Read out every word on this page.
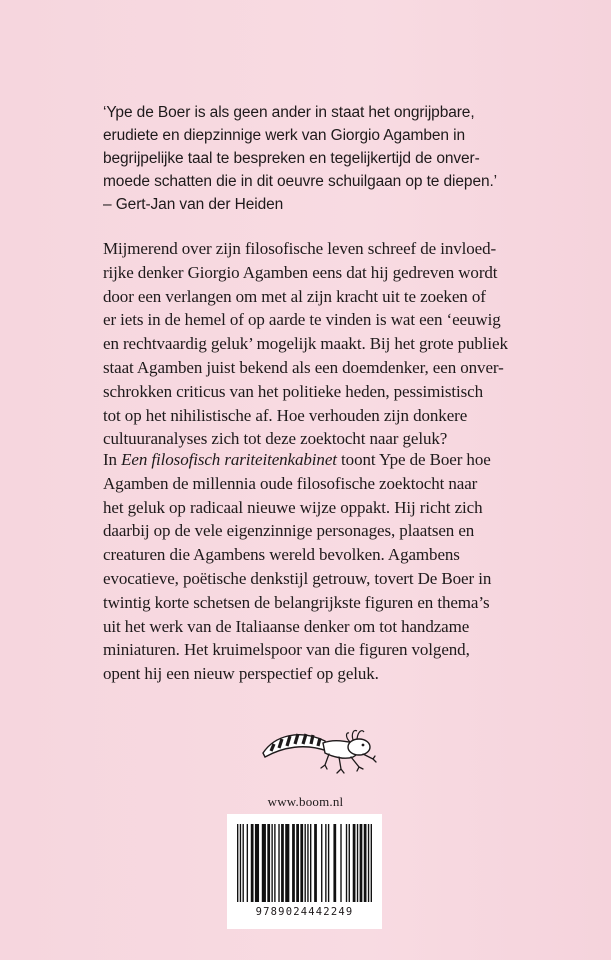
‘Ype de Boer is als geen ander in staat het ongrijpbare,

erudiete en diepzinnige werk van Giorgio Agamben in

begrijpelijke taal te bespreken en tegelijkertijd de onver-

moede schatten die in dit oeuvre schuilgaan op te diepen.’

– Gert-Jan van der Heiden

Mijmerend over zijn filosofische leven schreef de invloed-

rijke denker Giorgio Agamben eens dat hij gedreven wordt

door een verlangen om met al zijn kracht uit te zoeken of

er iets in de hemel of op aarde te vinden is wat een ‘eeuwig

en rechtvaardig geluk’ mogelijk maakt. Bij het grote publiek

staat Agamben juist bekend als een doemdenker, een onver-

schrokken criticus van het politieke heden, pessimistisch

tot op het nihilistische af. Hoe verhouden zijn donkere

cultuuranalyses zich tot deze zoektocht naar geluk?

In Een filosofisch rariteitenkabinet toont Ype de Boer hoe

Agamben de millennia oude filosofische zoektocht naar

het geluk op radicaal nieuwe wijze oppakt. Hij richt zich

daarbij op de vele eigenzinnige personages, plaatsen en

creaturen die Agambens wereld bevolken. Agambens

evocatieve, poëtische denkstijl getrouw, tovert De Boer in

twintig korte schetsen de belangrijkste figuren en thema’s

uit het werk van de Italiaanse denker om tot handzame

miniaturen. Het kruimelspoor van die figuren volgend,

opent hij een nieuw perspectief op geluk.

www.boom.nl
9789024442249
